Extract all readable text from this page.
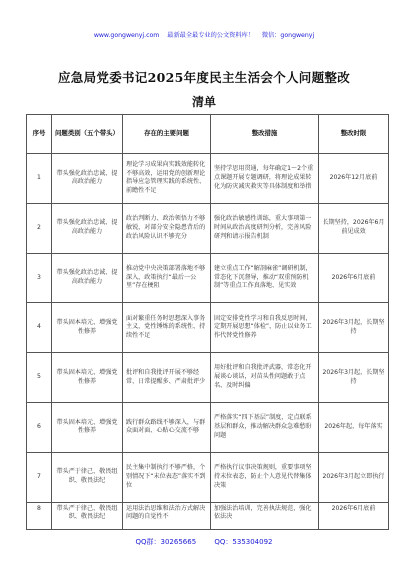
www.gongwenyj.com 最新最全最专业的公文资料库！ 微信：gongwenyj
应急局党委书记2025年度民主生活会个人问题整改
清单
序号	问题类别（五个带头）	存在的主要问题	整改措施	整改时限
1	带头强化政治忠诚、提高政治能力	理论学习成果向实践效能转化不够高效，运用党的创新理论指导应急管理实践的系统性、前瞻性不足	坚持学思用贯通，每年确定1～2个重点课题开展专题调研，将理论成果转化为防灾减灾救灾等具体制度和举措	2026年12月底前
2	带头强化政治忠诚、提高政治能力	政治判断力、政治领悟力不够敏锐，对部分安全隐患背后的政治风险认识不够充分	强化政治敏感性训练，重大事项第一时间从政治高度研判分析，完善风险研判和请示报告机制	长期坚持，2026年6月前见成效
3	带头强化政治忠诚、提高政治能力	推动党中央决策部署落地不够深入，政策执行“最后一公里”存在梗阻	建立重点工作“解剖麻雀”调研机制，常态化下沉督导，推动“双重预防机制”等重点工作真落地、见实效	2026年6月底前
4	带头固本培元、增强党性修养	面对繁重任务时思想深入事务主义，党性锤炼的系统性、持续性不足	固定安排党性学习和自我反思时间，定期开展思想“体检”，防止以业务工作代替党性修养	2026年3月起，长期坚持
5	带头固本培元、增强党性修养	批评和自我批评开展不够经常，日常提醒多、严肃批评少	用好批评和自我批评武器，常态化开展谈心谈话，对苗头性问题敢于点名、及时纠偏	2026年3月起，长期坚持
6	带头固本培元、增强党性修养	践行群众路线不够深入，与群众面对面、心贴心交流不够	严格落实“四下基层”制度，定点联系基层和群众，推动解决群众急难愁盼问题	2026年起，每年落实
7	带头严于律己、敬畏组织、敬畏法纪	民主集中制执行不够严格，个别情况下“末位表态”落实不到位	严格执行议事决策规则，重要事项坚持末位表态，防止个人意见代替集体决策	2026年3月起立即执行
8	带头严于律己、敬畏组织、敬畏法纪	运用法治思维和法治方式解决问题的自觉性不	加强法治培训，完善执法规范，强化依法决	2026年6月底前
QQ群：30265665	QQ：535304092
